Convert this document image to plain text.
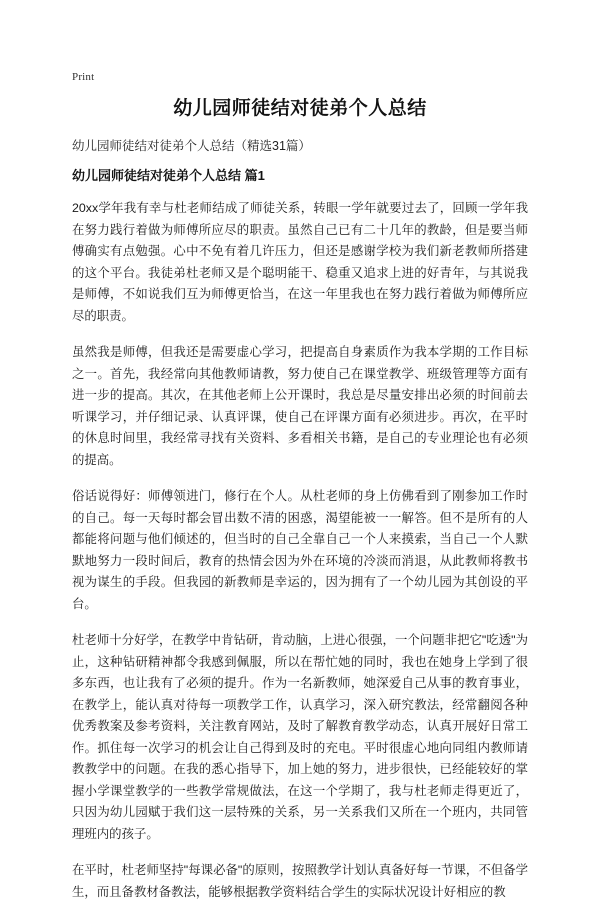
Print
幼儿园师徒结对徒弟个人总结
幼儿园师徒结对徒弟个人总结（精选31篇）
幼儿园师徒结对徒弟个人总结 篇1

20xx学年我有幸与杜老师结成了师徒关系，转眼一学年就要过去了，回顾一学年我在努力践行着做为师傅所应尽的职责。虽然自己已有二十几年的教龄，但是要当师傅确实有点勉强。心中不免有着几许压力，但还是感谢学校为我们新老教师所搭建的这个平台。我徒弟杜老师又是个聪明能干、稳重又追求上进的好青年，与其说我是师傅，不如说我们互为师傅更恰当，在这一年里我也在努力践行着做为师傅所应尽的职责。

虽然我是师傅，但我还是需要虚心学习，把提高自身素质作为我本学期的工作目标之一。首先，我经常向其他教师请教，努力使自己在课堂教学、班级管理等方面有进一步的提高。其次，在其他老师上公开课时，我总是尽量安排出必须的时间前去听课学习，并仔细记录、认真评课，使自己在评课方面有必须进步。再次，在平时的休息时间里，我经常寻找有关资料、多看相关书籍，是自己的专业理论也有必须的提高。

俗话说得好：师傅领进门，修行在个人。从杜老师的身上仿佛看到了刚参加工作时的自己。每一天每时都会冒出数不清的困惑，渴望能被一一解答。但不是所有的人都能将问题与他们倾述的，但当时的自己全靠自己一个人来摸索，当自己一个人默默地努力一段时间后，教育的热情会因为外在环境的冷淡而消退，从此教师将教书视为谋生的手段。但我园的新教师是幸运的，因为拥有了一个幼儿园为其创设的平台。

杜老师十分好学，在教学中肯钻研，肯动脑，上进心很强，一个问题非把它"吃透"为止，这种钻研精神都令我感到佩服，所以在帮忙她的同时，我也在她身上学到了很多东西，也让我有了必须的提升。作为一名新教师，她深爱自己从事的教育事业，在教学上，能认真对待每一项教学工作，认真学习，深入研究教法，经常翻阅各种优秀教案及参考资料，关注教育网站，及时了解教育教学动态，认真开展好日常工作。抓住每一次学习的机会让自己得到及时的充电。平时很虚心地向同组内教师请教教学中的问题。在我的悉心指导下，加上她的努力，进步很快，已经能较好的掌握小学课堂教学的一些教学常规做法，在这一个学期了，我与杜老师走得更近了，只因为幼儿园赋于我们这一层特殊的关系，另一关系我们又所在一个班内，共同管理班内的孩子。

在平时，杜老师坚持"每课必备"的原则，按照教学计划认真备好每一节课，不但备学生，而且备教材备教法，能够根据教学资料结合学生的实际状况设计好相应的教
